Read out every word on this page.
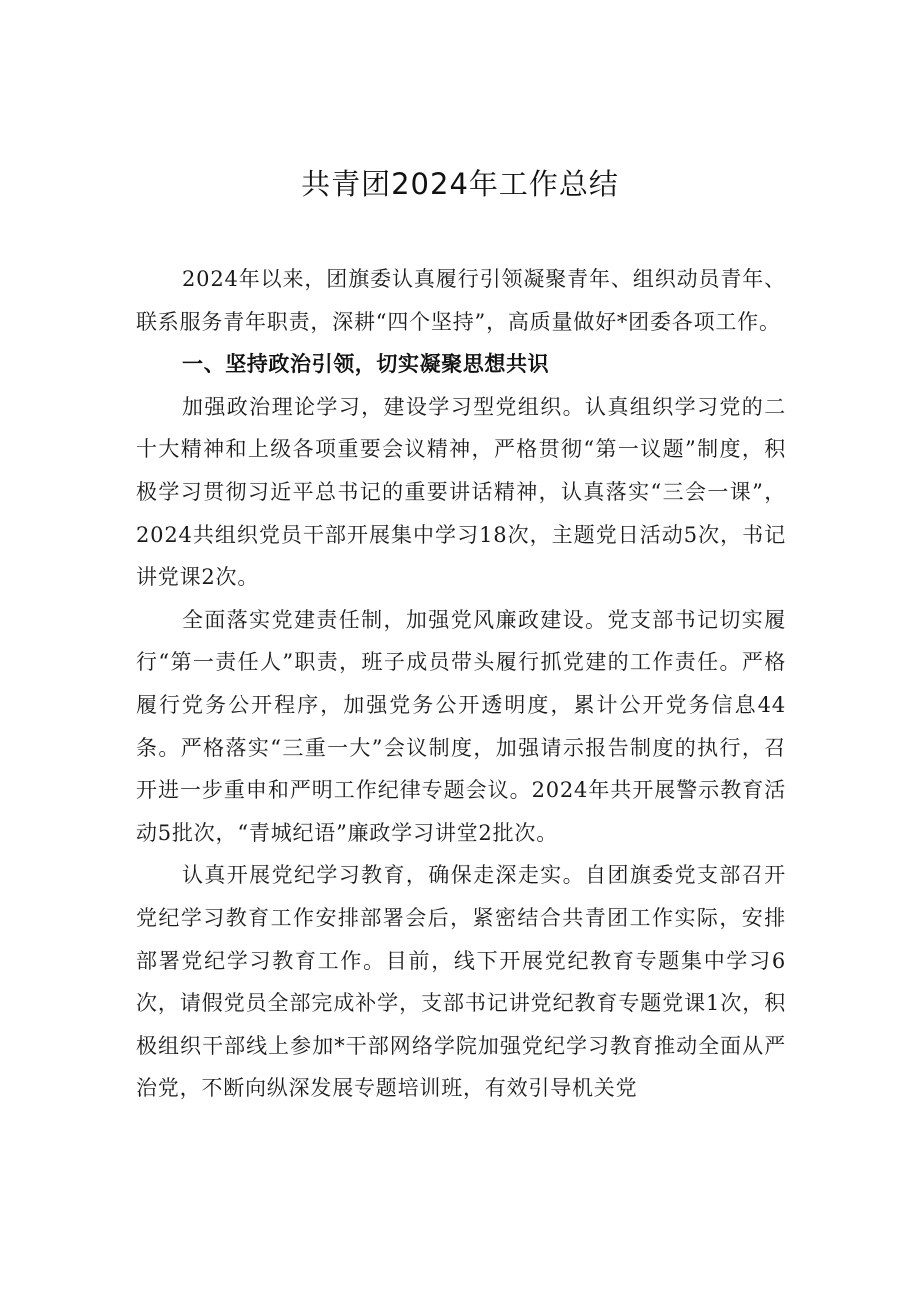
共青团2024年工作总结

2024年以来，团旗委认真履行引领凝聚青年、组织动员青年、联系服务青年职责，深耕“四个坚持”，高质量做好*团委各项工作。

一、坚持政治引领，切实凝聚思想共识

加强政治理论学习，建设学习型党组织。认真组织学习党的二十大精神和上级各项重要会议精神，严格贯彻“第一议题”制度，积极学习贯彻习近平总书记的重要讲话精神，认真落实“三会一课”，2024共组织党员干部开展集中学习18次，主题党日活动5次，书记讲党课2次。

全面落实党建责任制，加强党风廉政建设。党支部书记切实履行“第一责任人”职责，班子成员带头履行抓党建的工作责任。严格履行党务公开程序，加强党务公开透明度，累计公开党务信息44条。严格落实“三重一大”会议制度，加强请示报告制度的执行，召开进一步重申和严明工作纪律专题会议。2024年共开展警示教育活动5批次，“青城纪语”廉政学习讲堂2批次。

认真开展党纪学习教育，确保走深走实。自团旗委党支部召开党纪学习教育工作安排部署会后，紧密结合共青团工作实际，安排部署党纪学习教育工作。目前，线下开展党纪教育专题集中学习6次，请假党员全部完成补学，支部书记讲党纪教育专题党课1次，积极组织干部线上参加*干部网络学院加强党纪学习教育推动全面从严治党，不断向纵深发展专题培训班，有效引导机关党
